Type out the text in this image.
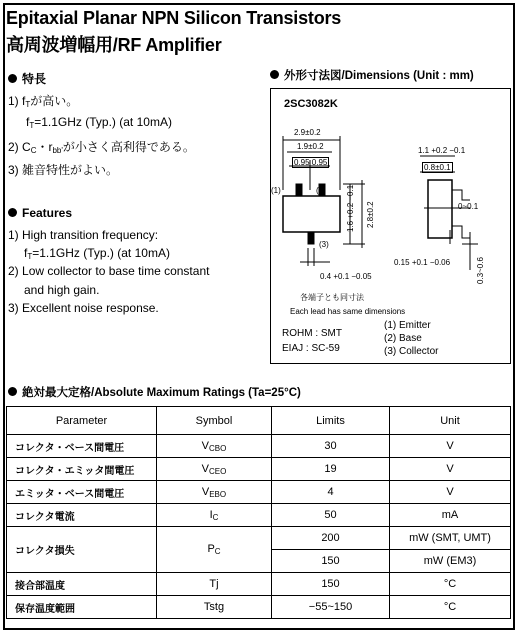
Epitaxial Planar NPN Silicon Transistors
高周波増幅用/RF Amplifier
特長
1) $f_T$が高い。
$f_T=1.1GHz$ (Typ.) (at 10mA)
2) $C_C$・$r_{bb'}$が小さく高利得である。
3) 雑音特性がよい。
Features
1) High transition frequency:
$f_T=1.1GHz$ (Typ.) (at 10mA)
2) Low collector to base time constant
and high gain.
3) Excellent noise response.
外形寸法図/Dimensions (Unit : mm)
2SC3082K
2.9±0.2
1.9±0.2
0.95 0.95
(1)	(2)
(3)
1.6 +0.2 −0.1 2.8±0.2
0.4 +0.1 −0.05
各端子とも同寸法
Each lead has same dimensions
1.1 +0.2 −0.1
0.8±0.1
0~0.1
0.15 +0.1 −0.06	0.3~0.6
ROHM : SMT
EIAJ : SC-59
(1) Emitter
(2) Base
(3) Collector
絶対最大定格/Absolute Maximum Ratings (Ta=25°C)
Parameter	Symbol	Limits	Unit
コレクタ・ベース間電圧	$V_{CBO}$	30	V
コレクタ・エミッタ間電圧	$V_{CEO}$	19	V
エミッタ・ベース間電圧	$V_{EBO}$	4	V
コレクタ電流	$I_C$	50	mA
コレクタ損失	$P_C$	200	mW (SMT, UMT)
		150	mW (EM3)
接合部温度	Tj	150	°C
保存温度範囲	Tstg	−55~150	°C
